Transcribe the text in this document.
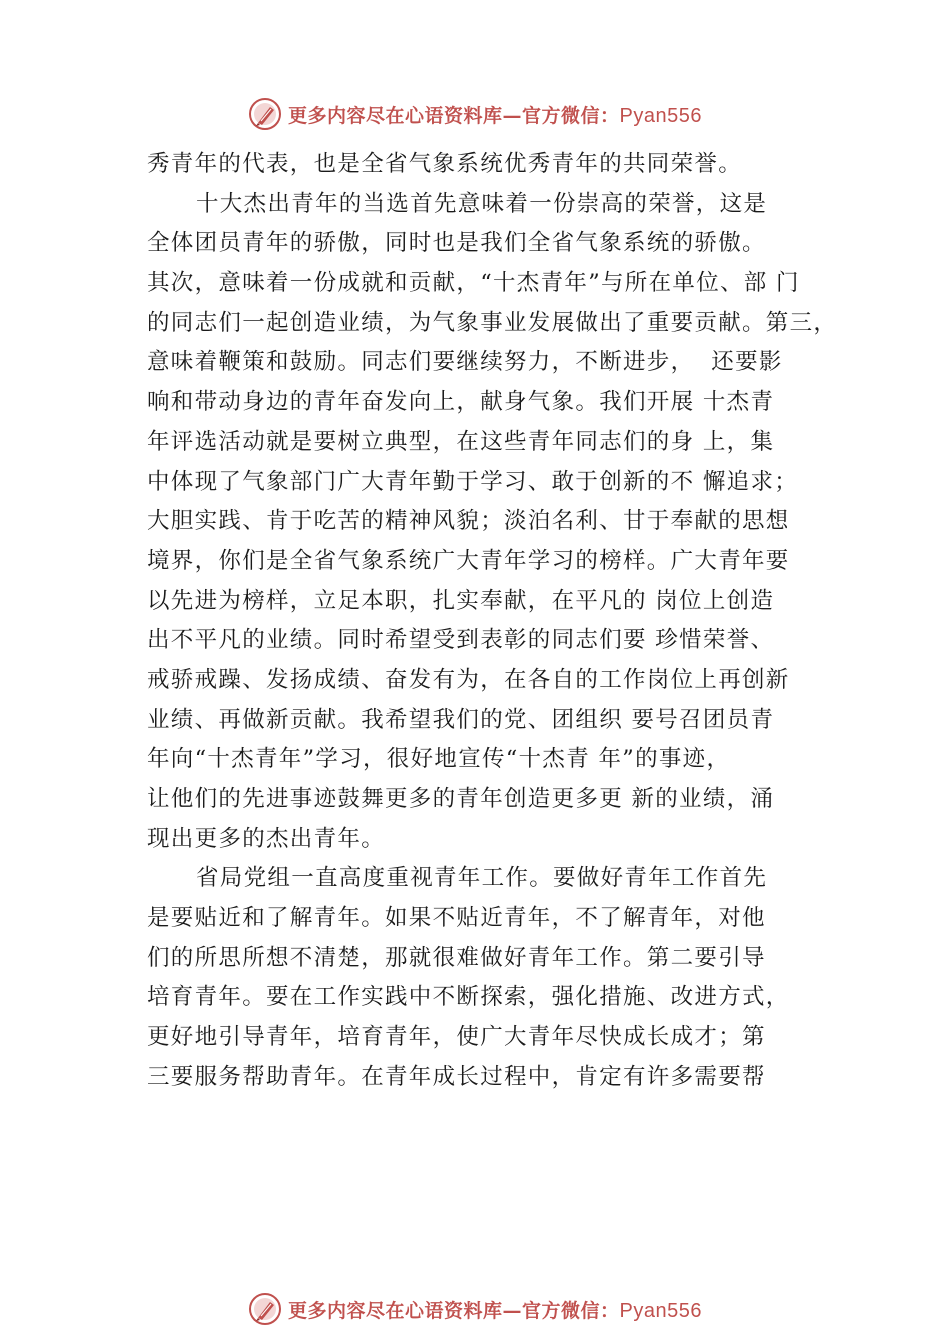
更多内容尽在心语资料库—官方微信：Pyan556
秀青年的代表，也是全省气象系统优秀青年的共同荣誉。
十大杰出青年的当选首先意味着一份崇高的荣誉，这是
全体团员青年的骄傲，同时也是我们全省气象系统的骄傲。
其次，意味着一份成就和贡献，“十杰青年”与所在单位、部 门
的同志们一起创造业绩，为气象事业发展做出了重要贡献。第三，
意味着鞭策和鼓励。同志们要继续努力，不断进步，  还要影
响和带动身边的青年奋发向上，献身气象。我们开展 十杰青
年评选活动就是要树立典型，在这些青年同志们的身 上，集
中体现了气象部门广大青年勤于学习、敢于创新的不 懈追求；
大胆实践、肯于吃苦的精神风貌；淡泊名利、甘于奉献的思想
境界，你们是全省气象系统广大青年学习的榜样。广大青年要
以先进为榜样，立足本职，扎实奉献，在平凡的 岗位上创造
出不平凡的业绩。同时希望受到表彰的同志们要 珍惜荣誉、
戒骄戒躁、发扬成绩、奋发有为，在各自的工作岗位上再创新
业绩、再做新贡献。我希望我们的党、团组织 要号召团员青
年向“十杰青年”学习，很好地宣传“十杰青 年”的事迹，
让他们的先进事迹鼓舞更多的青年创造更多更 新的业绩，涌
现出更多的杰出青年。
省局党组一直高度重视青年工作。要做好青年工作首先
是要贴近和了解青年。如果不贴近青年，不了解青年，对他
们的所思所想不清楚，那就很难做好青年工作。第二要引导
培育青年。要在工作实践中不断探索，强化措施、改进方式，
更好地引导青年，培育青年，使广大青年尽快成长成才；第
三要服务帮助青年。在青年成长过程中，肯定有许多需要帮
更多内容尽在心语资料库—官方微信：Pyan556
